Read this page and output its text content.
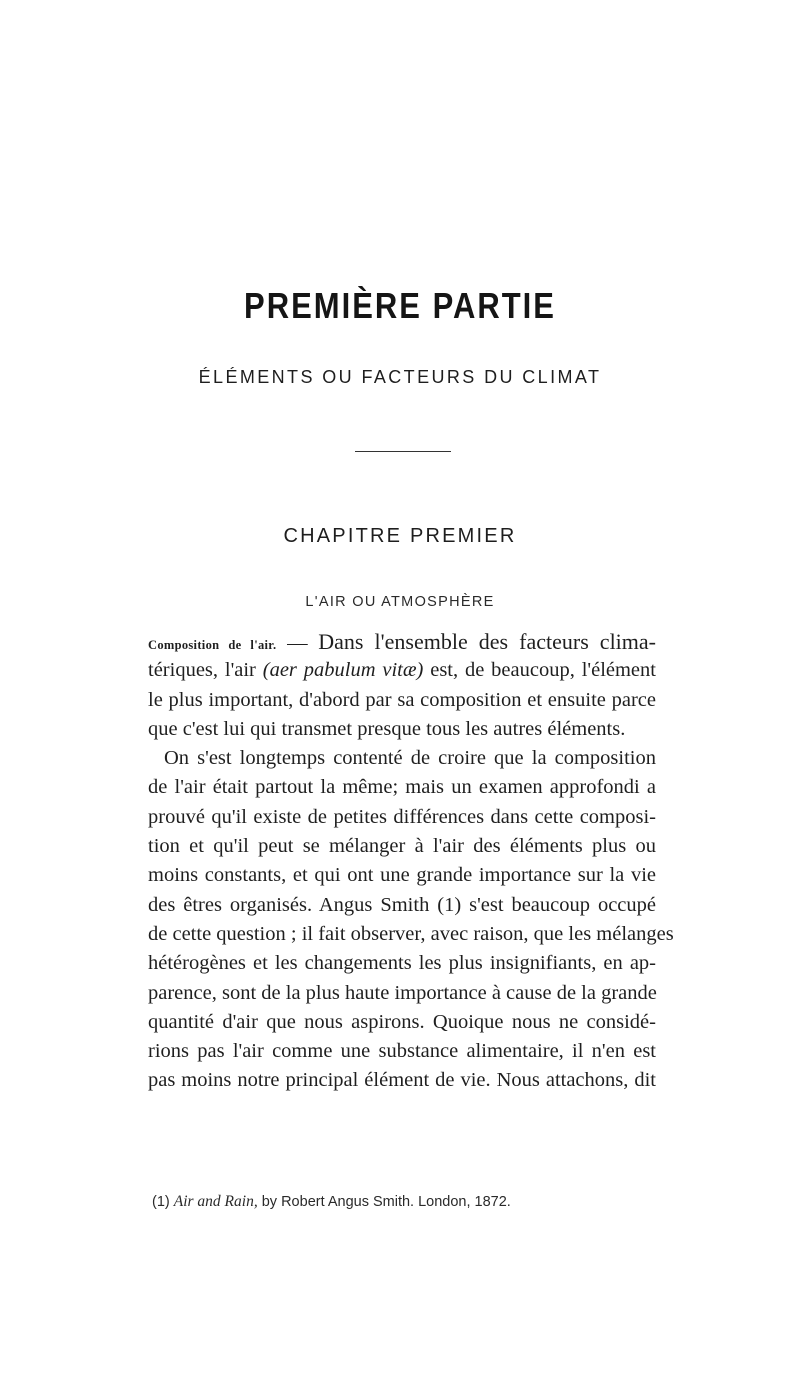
PREMIÈRE PARTIE
ÉLÉMENTS OU FACTEURS DU CLIMAT
CHAPITRE PREMIER
L'AIR OU ATMOSPHÈRE
Composition de l'air. — Dans l'ensemble des facteurs clima-
tériques, l'air (aer pabulum vitæ) est, de beaucoup, l'élément
le plus important, d'abord par sa composition et ensuite parce
que c'est lui qui transmet presque tous les autres éléments.
On s'est longtemps contenté de croire que la composition
de l'air était partout la même; mais un examen approfondi a
prouvé qu'il existe de petites différences dans cette composi-
tion et qu'il peut se mélanger à l'air des éléments plus ou
moins constants, et qui ont une grande importance sur la vie
des êtres organisés. Angus Smith (1) s'est beaucoup occupé
de cette question ; il fait observer, avec raison, que les mélanges
hétérogènes et les changements les plus insignifiants, en ap-
parence, sont de la plus haute importance à cause de la grande
quantité d'air que nous aspirons. Quoique nous ne considé-
rions pas l'air comme une substance alimentaire, il n'en est
pas moins notre principal élément de vie. Nous attachons, dit
(1) Air and Rain, by Robert Angus Smith. London, 1872.
